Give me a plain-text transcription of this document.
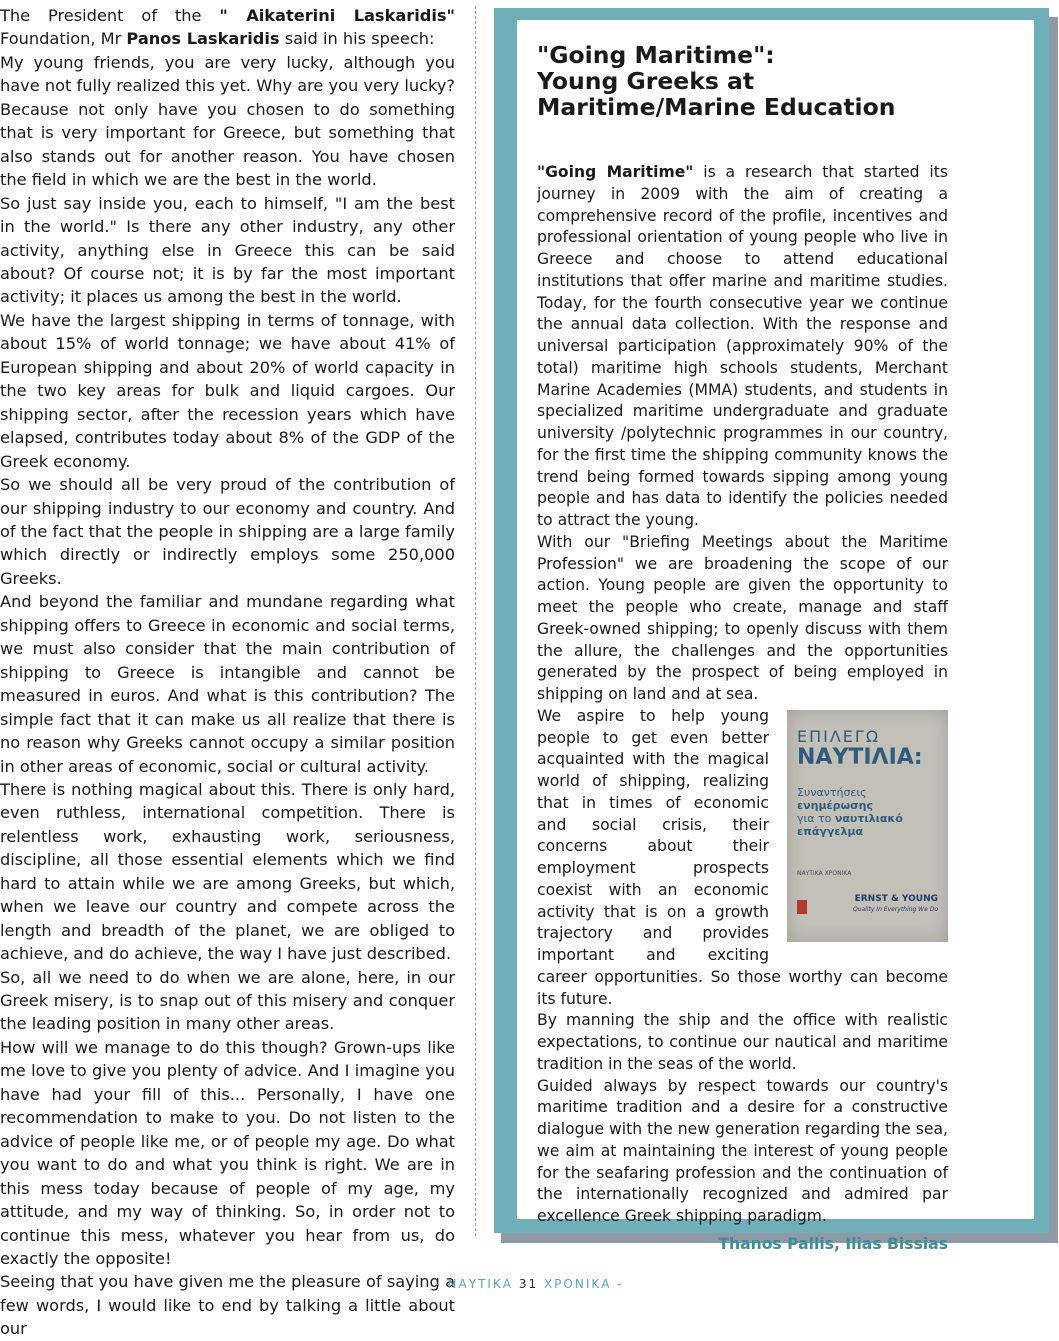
The President of the " Aikaterini Laskaridis" Foundation, Mr Panos Laskaridis said in his speech:

My young friends, you are very lucky, although you have not fully realized this yet. Why are you very lucky? Because not only have you chosen to do something that is very important for Greece, but something that also stands out for another reason. You have chosen the field in which we are the best in the world.

So just say inside you, each to himself, "I am the best in the world." Is there any other industry, any other activity, anything else in Greece this can be said about? Of course not; it is by far the most important activity; it places us among the best in the world.

We have the largest shipping in terms of tonnage, with about 15% of world tonnage; we have about 41% of European shipping and about 20% of world capacity in the two key areas for bulk and liquid cargoes. Our shipping sector, after the recession years which have elapsed, contributes today about 8% of the GDP of the Greek economy.

So we should all be very proud of the contribution of our shipping industry to our economy and country. And of the fact that the people in shipping are a large family which directly or indirectly employs some 250,000 Greeks.

And beyond the familiar and mundane regarding what shipping offers to Greece in economic and social terms, we must also consider that the main contribution of shipping to Greece is intangible and cannot be measured in euros. And what is this contribution? The simple fact that it can make us all realize that there is no reason why Greeks cannot occupy a similar position in other areas of economic, social or cultural activity.

There is nothing magical about this. There is only hard, even ruthless, international competition. There is relentless work, exhausting work, seriousness, discipline, all those essential elements which we find hard to attain while we are among Greeks, but which, when we leave our country and compete across the length and breadth of the planet, we are obliged to achieve, and do achieve, the way I have just described.

So, all we need to do when we are alone, here, in our Greek misery, is to snap out of this misery and conquer the leading position in many other areas.

How will we manage to do this though? Grown-ups like me love to give you plenty of advice. And I imagine you have had your fill of this... Personally, I have one recommendation to make to you. Do not listen to the advice of people like me, or of people my age. Do what you want to do and what you think is right. We are in this mess today because of people of my age, my attitude, and my way of thinking. So, in order not to continue this mess, whatever you hear from us, do exactly the opposite!

Seeing that you have given me the pleasure of saying a few words, I would like to end by talking a little about our

"Going Maritime":
Young Greeks at Maritime/Marine Education

"Going Maritime" is a research that started its journey in 2009 with the aim of creating a comprehensive record of the profile, incentives and professional orientation of young people who live in Greece and choose to attend educational institutions that offer marine and maritime studies. Today, for the fourth consecutive year we continue the annual data collection. With the response and universal participation (approximately 90% of the total) maritime high schools students, Merchant Marine Academies (MMA) students, and students in specialized maritime undergraduate and graduate university /polytechnic programmes in our country, for the first time the shipping community knows the trend being formed towards sipping among young people and has data to identify the policies needed to attract the young.

With our "Briefing Meetings about the Maritime Profession" we are broadening the scope of our action. Young people are given the opportunity to meet the people who create, manage and staff Greek-owned shipping; to openly discuss with them the allure, the challenges and the opportunities generated by the prospect of being employed in shipping on land and at sea.

ΕΠΙΛΕΓΩ
ΝΑΥΤΙΛΙΑ:
Συναντήσεις
ενημέρωσης
για το ναυτιλιακό επάγγελμα
ΝΑΥΤΙΚΑ ΧΡΟΝΙΚΑ
ERNST & YOUNG
Quality In Everything We Do

We aspire to help young people to get even better acquainted with the magical world of shipping, realizing that in times of economic and social crisis, their concerns about their employment prospects coexist with an economic activity that is on a growth trajectory and provides important and exciting career opportunities. So those worthy can become its future.

By manning the ship and the office with realistic expectations, to continue our nautical and maritime tradition in the seas of the world.

Guided always by respect towards our country's maritime tradition and a desire for a constructive dialogue with the new generation regarding the sea, we aim at maintaining the interest of young people for the seafaring profession and the continuation of the internationally recognized and admired par excellence Greek shipping paradigm.

Thanos Pallis, Ilias Bissias

- ΝΑΥΤΙΚΑ 31 ΧΡΟΝΙΚΑ -
